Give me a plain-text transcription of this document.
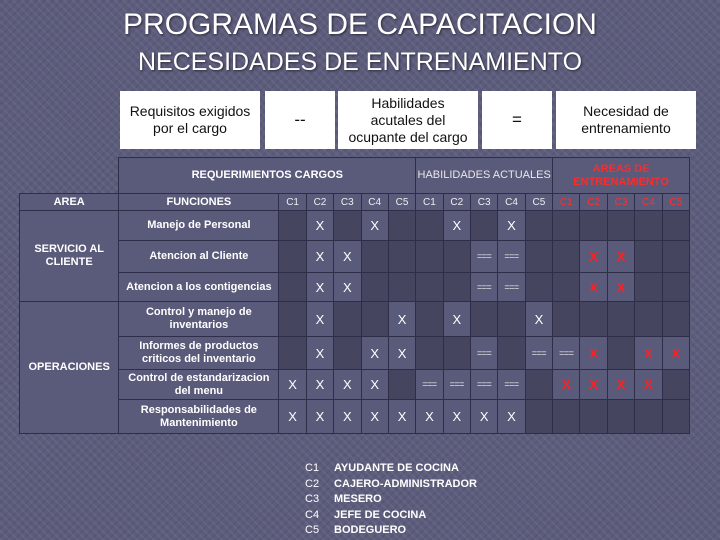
PROGRAMAS DE CAPACITACION
NECESIDADES DE ENTRENAMIENTO
Requisitos exigidos
por el cargo	--
Habilidades
acutales del
ocupante del cargo
=	Necesidad de
entrenamiento
	REQUERIMIENTOS CARGOS						HABILIDADES ACTUALES					AREAS DE ENTRENAMIENTO				
AREA	FUNCIONES	C1	C2	C3	C4	C5	C1	C2	C3	C4	C5	C1	C2	C3	C4	C5
SERVICIO AL CLIENTE	Manejo de Personal		X		X			X		X						
	Atencion al Cliente		X	X					===	===			X	X		
	Atencion a los contigencias		X	X					===	===			X	X		
OPERACIONES	Control y manejo de inventarios		X			X		X			X					
	Informes de productos criticos del inventario		X		X	X			===		===	===	X		X	X
	Control de estandarizacion del menu	X	X	X	X		===	===	===	===		X	X	X	X	
	Responsabilidades de Mantenimiento	X	X	X	X	X	X	X	X	X						
C1	AYUDANTE DE COCINA
C2	CAJERO-ADMINISTRADOR
C3	MESERO
C4	JEFE DE COCINA
C5	BODEGUERO
